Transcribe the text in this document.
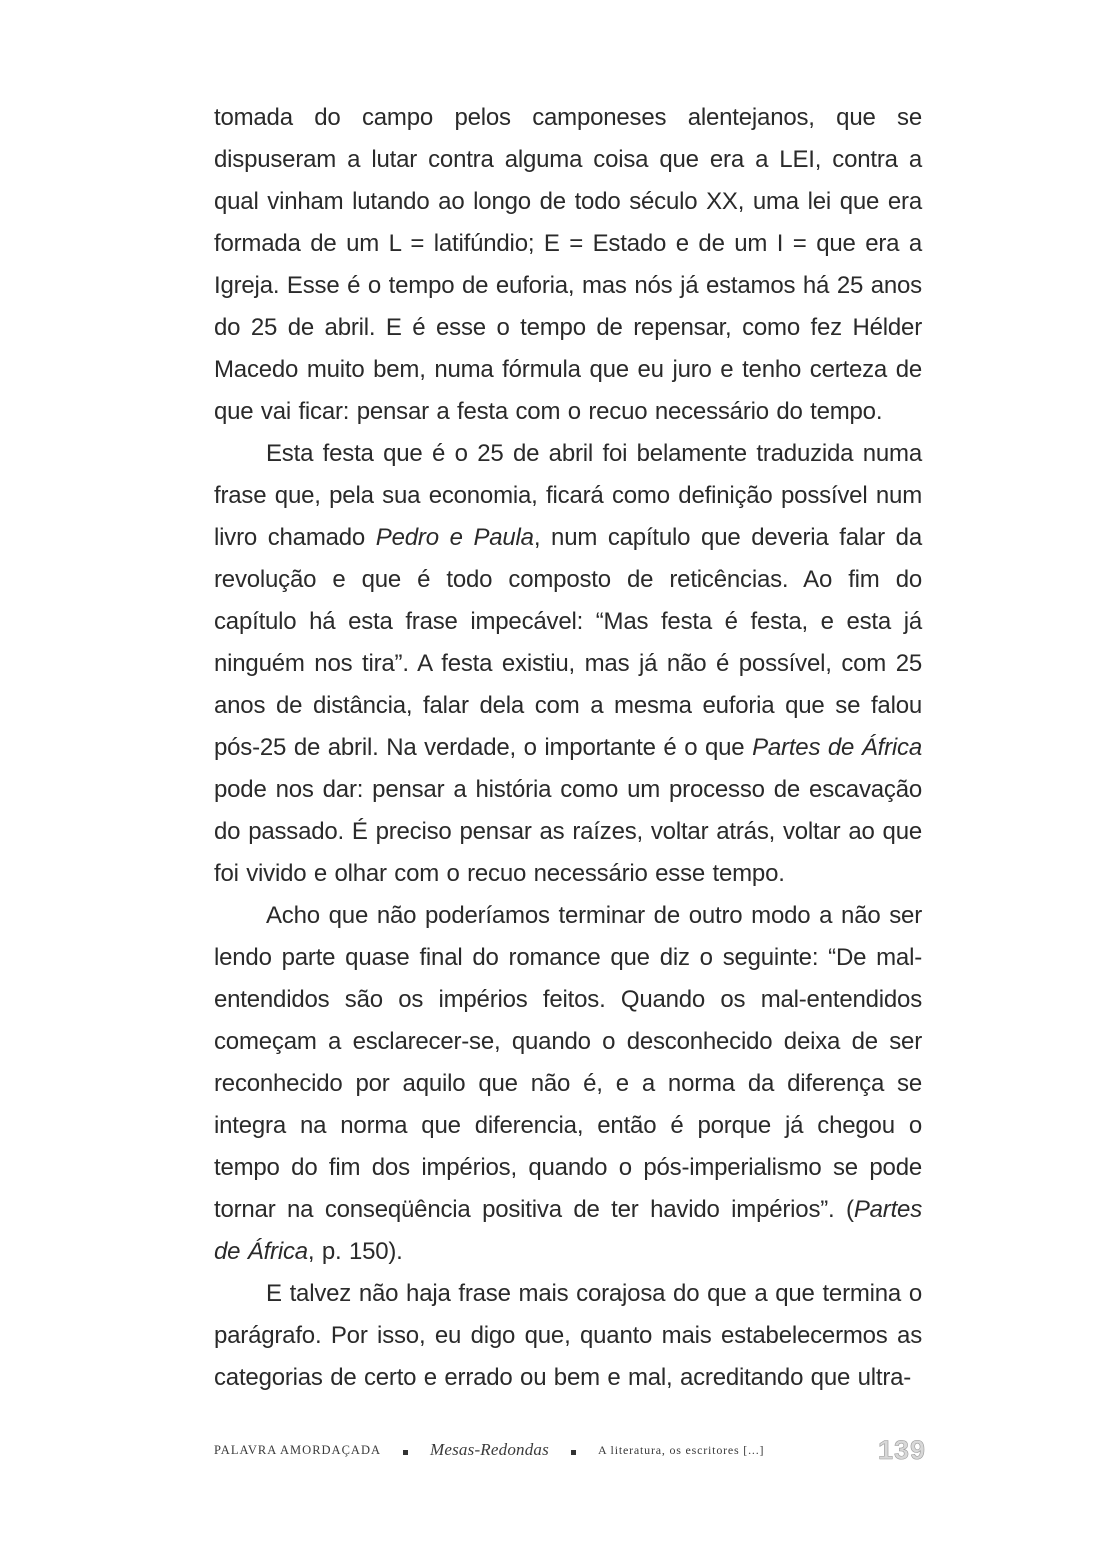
tomada do campo pelos camponeses alentejanos, que se dispuseram a lutar contra alguma coisa que era a LEI, contra a qual vinham lutando ao longo de todo século XX, uma lei que era formada de um L = latifúndio; E = Estado e de um I = que era a Igreja. Esse é o tempo de euforia, mas nós já estamos há 25 anos do 25 de abril. E é esse o tempo de repensar, como fez Hélder Macedo muito bem, numa fórmula que eu juro e tenho certeza de que vai ficar: pensar a festa com o recuo necessário do tempo.

Esta festa que é o 25 de abril foi belamente traduzida numa frase que, pela sua economia, ficará como definição possível num livro chamado Pedro e Paula, num capítulo que deveria falar da revolução e que é todo composto de reticências. Ao fim do capítulo há esta frase impecável: “Mas festa é festa, e esta já ninguém nos tira”. A festa existiu, mas já não é possível, com 25 anos de distância, falar dela com a mesma euforia que se falou pós-25 de abril. Na verdade, o importante é o que Partes de África pode nos dar: pensar a história como um processo de escavação do passado. É preciso pensar as raízes, voltar atrás, voltar ao que foi vivido e olhar com o recuo necessário esse tempo.

Acho que não poderíamos terminar de outro modo a não ser lendo parte quase final do romance que diz o seguinte: “De mal-entendidos são os impérios feitos. Quando os mal-entendidos começam a esclarecer-se, quando o desconhecido deixa de ser reconhecido por aquilo que não é, e a norma da diferença se integra na norma que diferencia, então é porque já chegou o tempo do fim dos impérios, quando o pós-imperialismo se pode tornar na conseqüência positiva de ter havido impérios”. (Partes de África, p. 150).

E talvez não haja frase mais corajosa do que a que termina o parágrafo. Por isso, eu digo que, quanto mais estabelecermos as categorias de certo e errado ou bem e mal, acreditando que ultra-

PALAVRA AMORDAÇADA	Mesas-Redondas	A literatura, os escritores [...]	139
